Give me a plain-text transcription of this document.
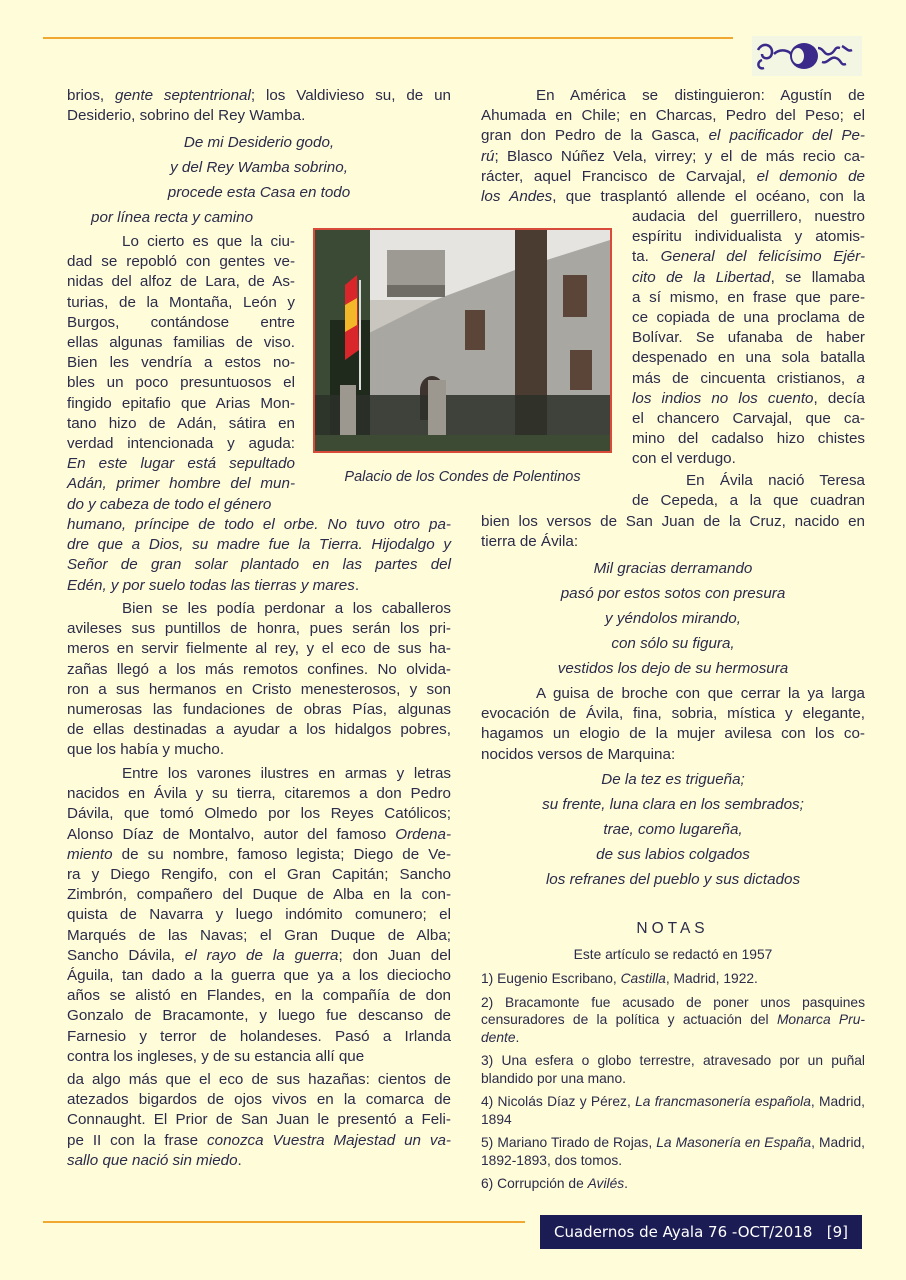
brios, gente septentrional; los Valdivieso su, de un
Desiderio, sobrino del Rey Wamba.
De mi Desiderio godo,
y del Rey Wamba sobrino,
procede esta Casa en todo
por línea recta y camino
Lo cierto es que la ciu-
dad se repobló con gentes ve-
nidas del alfoz de Lara, de As-
turias, de la Montaña, León y
Burgos, contándose entre
ellas algunas familias de viso.
Bien les vendría a estos no-
bles un poco presuntuosos el
fingido epitafio que Arias Mon-
tano hizo de Adán, sátira en
verdad intencionada y aguda:
En este lugar está sepultado
Adán, primer hombre del mun-
do y cabeza de todo el género
humano, príncipe de todo el orbe. No tuvo otro pa-
dre que a Dios, su madre fue la Tierra. Hijodalgo y
Señor de gran solar plantado en las partes del
Edén, y por suelo todas las tierras y mares.
Bien se les podía perdonar a los caballeros
avileses sus puntillos de honra, pues serán los pri-
meros en servir fielmente al rey, y el eco de sus ha-
zañas llegó a los más remotos confines. No olvida-
ron a sus hermanos en Cristo menesterosos, y son
numerosas las fundaciones de obras Pías, algunas
de ellas destinadas a ayudar a los hidalgos pobres,
que los había y mucho.
Entre los varones ilustres en armas y letras
nacidos en Ávila y su tierra, citaremos a don Pedro
Dávila, que tomó Olmedo por los Reyes Católicos;
Alonso Díaz de Montalvo, autor del famoso Ordena-
miento de su nombre, famoso legista; Diego de Ve-
ra y Diego Rengifo, con el Gran Capitán; Sancho
Zimbrón, compañero del Duque de Alba en la con-
quista de Navarra y luego indómito comunero; el
Marqués de las Navas; el Gran Duque de Alba;
Sancho Dávila, el rayo de la guerra; don Juan del
Águila, tan dado a la guerra que ya a los dieciocho
años se alistó en Flandes, en la compañía de don
Gonzalo de Bracamonte, y luego fue descanso de
Farnesio y terror de holandeses. Pasó a Irlanda
contra los ingleses, y de su estancia allí que
da algo más que el eco de sus hazañas: cientos de
atezados bigardos de ojos vivos en la comarca de
Connaught. El Prior de San Juan le presentó a Feli-
pe II con la frase conozca Vuestra Majestad un va-
sallo que nació sin miedo.
Palacio de los Condes de Polentinos
En América se distinguieron: Agustín de
Ahumada en Chile; en Charcas, Pedro del Peso; el
gran don Pedro de la Gasca, el pacificador del Pe-
rú; Blasco Núñez Vela, virrey; y el de más recio ca-
rácter, aquel Francisco de Carvajal, el demonio de
los Andes, que trasplantó allende el océano, con la
audacia del guerrillero, nuestro
espíritu individualista y atomis-
ta. General del felicísimo Ejér-
cito de la Libertad, se llamaba
a sí mismo, en frase que pare-
ce copiada de una proclama de
Bolívar. Se ufanaba de haber
despenado en una sola batalla
más de cincuenta cristianos, a
los indios no los cuento, decía
el chancero Carvajal, que ca-
mino del cadalso hizo chistes
con el verdugo.
En Ávila nació Teresa
de Cepeda, a la que cuadran
bien los versos de San Juan de la Cruz, nacido en
tierra de Ávila:
Mil gracias derramando
pasó por estos sotos con presura
y yéndolos mirando,
con sólo su figura,
vestidos los dejo de su hermosura
A guisa de broche con que cerrar la ya larga
evocación de Ávila, fina, sobria, mística y elegante,
hagamos un elogio de la mujer avilesa con los co-
nocidos versos de Marquina:
De la tez es trigueña;
su frente, luna clara en los sembrados;
trae, como lugareña,
de sus labios colgados
los refranes del pueblo y sus dictados
NOTAS
Este artículo se redactó en 1957
1) Eugenio Escribano, Castilla, Madrid, 1922.
2) Bracamonte fue acusado de poner unos pasquines censuradores de la política y actuación del Monarca Pru-dente.
3) Una esfera o globo terrestre, atravesado por un puñal blandido por una mano.
4) Nicolás Díaz y Pérez, La francmasonería española, Madrid, 1894
5) Mariano Tirado de Rojas, La Masonería en España, Madrid, 1892-1893, dos tomos.
6) Corrupción de Avilés.
Cuadernos de Ayala 76 -OCT/2018 [9]
